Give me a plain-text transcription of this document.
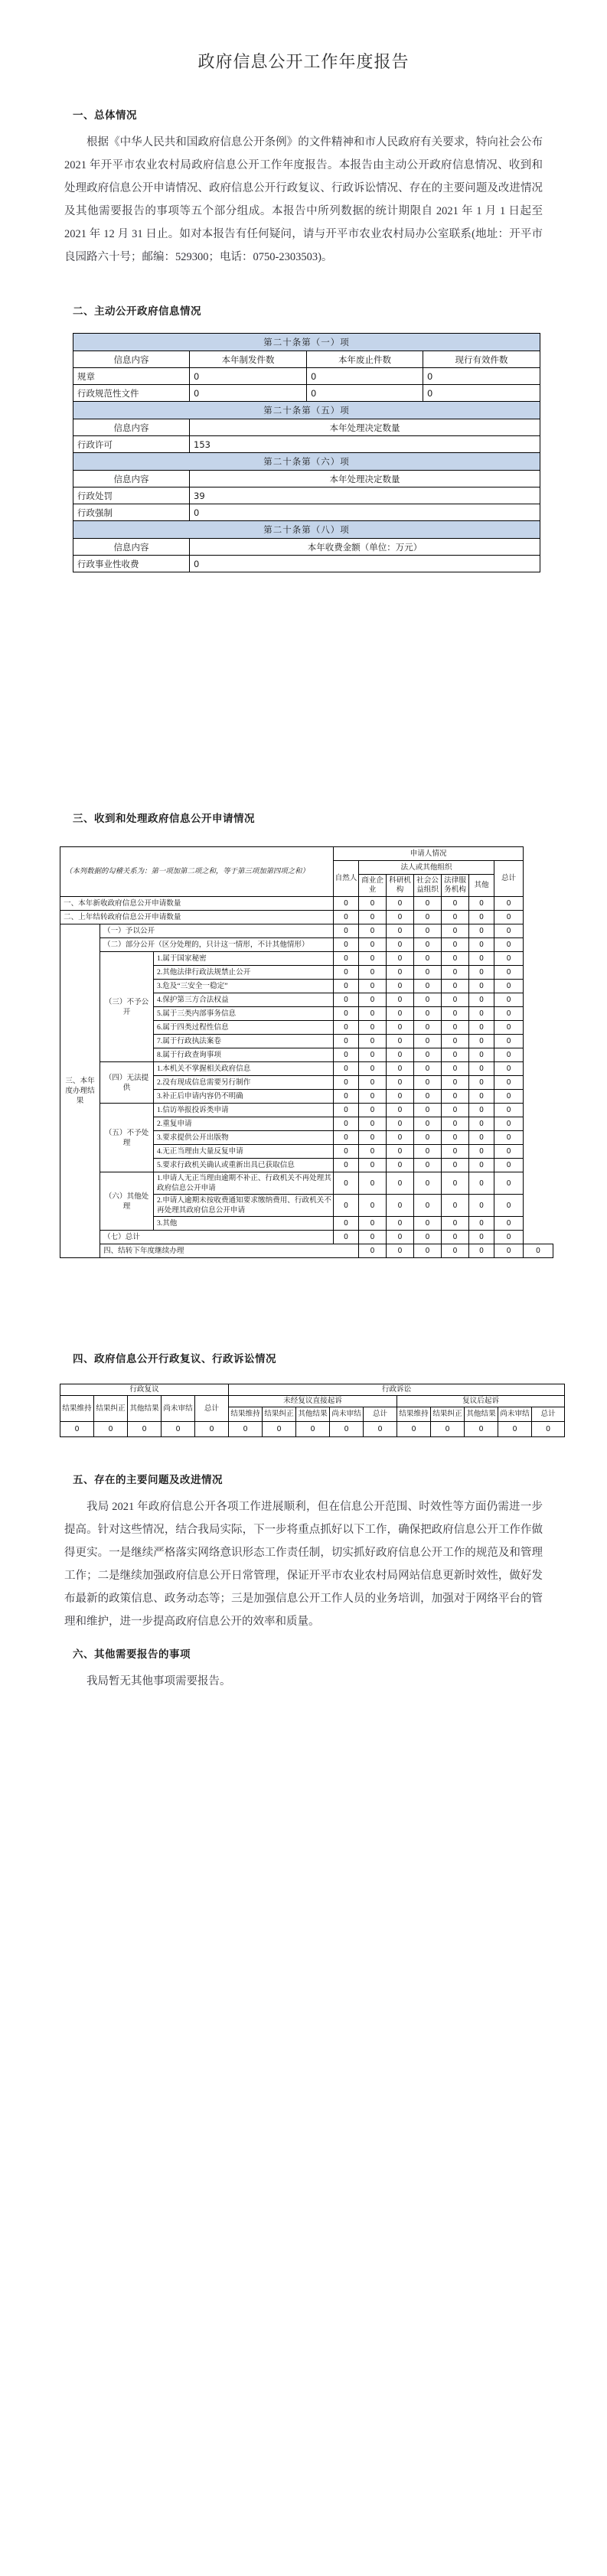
政府信息公开工作年度报告
一、总体情况

根据《中华人民共和国政府信息公开条例》的文件精神和市人民政府有关要求，特向社会公布 2021 年开平市农业农村局政府信息公开工作年度报告。本报告由主动公开政府信息情况、收到和处理政府信息公开申请情况、政府信息公开行政复议、行政诉讼情况、存在的主要问题及改进情况及其他需要报告的事项等五个部分组成。本报告中所列数据的统计期限自 2021 年 1 月 1 日起至 2021 年 12 月 31 日止。如对本报告有任何疑问，请与开平市农业农村局办公室联系(地址：开平市良园路六十号；邮编：529300；电话：0750-2303503)。

二、主动公开政府信息情况
第二十条第（一）项			
信息内容	本年制发件数	本年废止件数	现行有效件数
规章	0	0	0
行政规范性文件	0	0	0
第二十条第（五）项			
信息内容	本年处理决定数量		
行政许可	153		
第二十条第（六）项			
信息内容	本年处理决定数量		
行政处罚	39		
行政强制	0		
第二十条第（八）项			
信息内容	本年收费金额（单位：万元）		
行政事业性收费	0		
三、收到和处理政府信息公开申请情况
（本列数据的勾稽关系为：第一项加第二项之和，等于第三项加第四项之和）			申请人情况							
			自然人	法人或其他组织					总计	
				商业企业	科研机构	社会公益组织	法律服务机构	其他		
一、本年新收政府信息公开申请数量			0	0	0	0	0	0	0	
二、上年结转政府信息公开申请数量			0	0	0	0	0	0	0	
三、本年度办理结果	（一）予以公开		0	0	0	0	0	0	0	
	（二）部分公开（区分处理的，只计这一情形，不计其他情形）		0	0	0	0	0	0	0	
	（三）不予公开	1.属于国家秘密	0	0	0	0	0	0	0	
		2.其他法律行政法规禁止公开	0	0	0	0	0	0	0	
		3.危及“三安全一稳定”	0	0	0	0	0	0	0	
		4.保护第三方合法权益	0	0	0	0	0	0	0	
		5.属于三类内部事务信息	0	0	0	0	0	0	0	
		6.属于四类过程性信息	0	0	0	0	0	0	0	
		7.属于行政执法案卷	0	0	0	0	0	0	0	
		8.属于行政查询事项	0	0	0	0	0	0	0	
	（四）无法提供	1.本机关不掌握相关政府信息	0	0	0	0	0	0	0	
		2.没有现成信息需要另行制作	0	0	0	0	0	0	0	
		3.补正后申请内容仍不明确	0	0	0	0	0	0	0	
	（五）不予处理	1.信访举报投诉类申请	0	0	0	0	0	0	0	
		2.重复申请	0	0	0	0	0	0	0	
		3.要求提供公开出版物	0	0	0	0	0	0	0	
		4.无正当理由大量反复申请	0	0	0	0	0	0	0	
		5.要求行政机关确认或重新出具已获取信息	0	0	0	0	0	0	0	
	（六）其他处理	1.申请人无正当理由逾期不补正、行政机关不再处理其政府信息公开申请	0	0	0	0	0	0	0	
		2.申请人逾期未按收费通知要求缴纳费用、行政机关不再处理其政府信息公开申请	0	0	0	0	0	0	0	
		3.其他	0	0	0	0	0	0	0	
	（七）总计		0	0	0	0	0	0	0	
	四、结转下年度继续办理			0	0	0	0	0	0	0
四、政府信息公开行政复议、行政诉讼情况
行政复议					行政诉讼									
结果维持	结果纠正	其他结果	尚未审结	总计	未经复议直接起诉					复议后起诉				
					结果维持	结果纠正	其他结果	尚未审结	总计	结果维持	结果纠正	其他结果	尚未审结	总计
0	0	0	0	0	0	0	0	0	0	0	0	0	0	0
五、存在的主要问题及改进情况

我局 2021 年政府信息公开各项工作进展顺利，但在信息公开范围、时效性等方面仍需进一步提高。针对这些情况，结合我局实际，下一步将重点抓好以下工作，确保把政府信息公开工作作做得更实。一是继续严格落实网络意识形态工作责任制，切实抓好政府信息公开工作的规范及和管理工作；二是继续加强政府信息公开日常管理，保证开平市农业农村局网站信息更新时效性，做好发布最新的政策信息、政务动态等；三是加强信息公开工作人员的业务培训，加强对于网络平台的管理和维护，进一步提高政府信息公开的效率和质量。

六、其他需要报告的事项

我局暂无其他事项需要报告。
